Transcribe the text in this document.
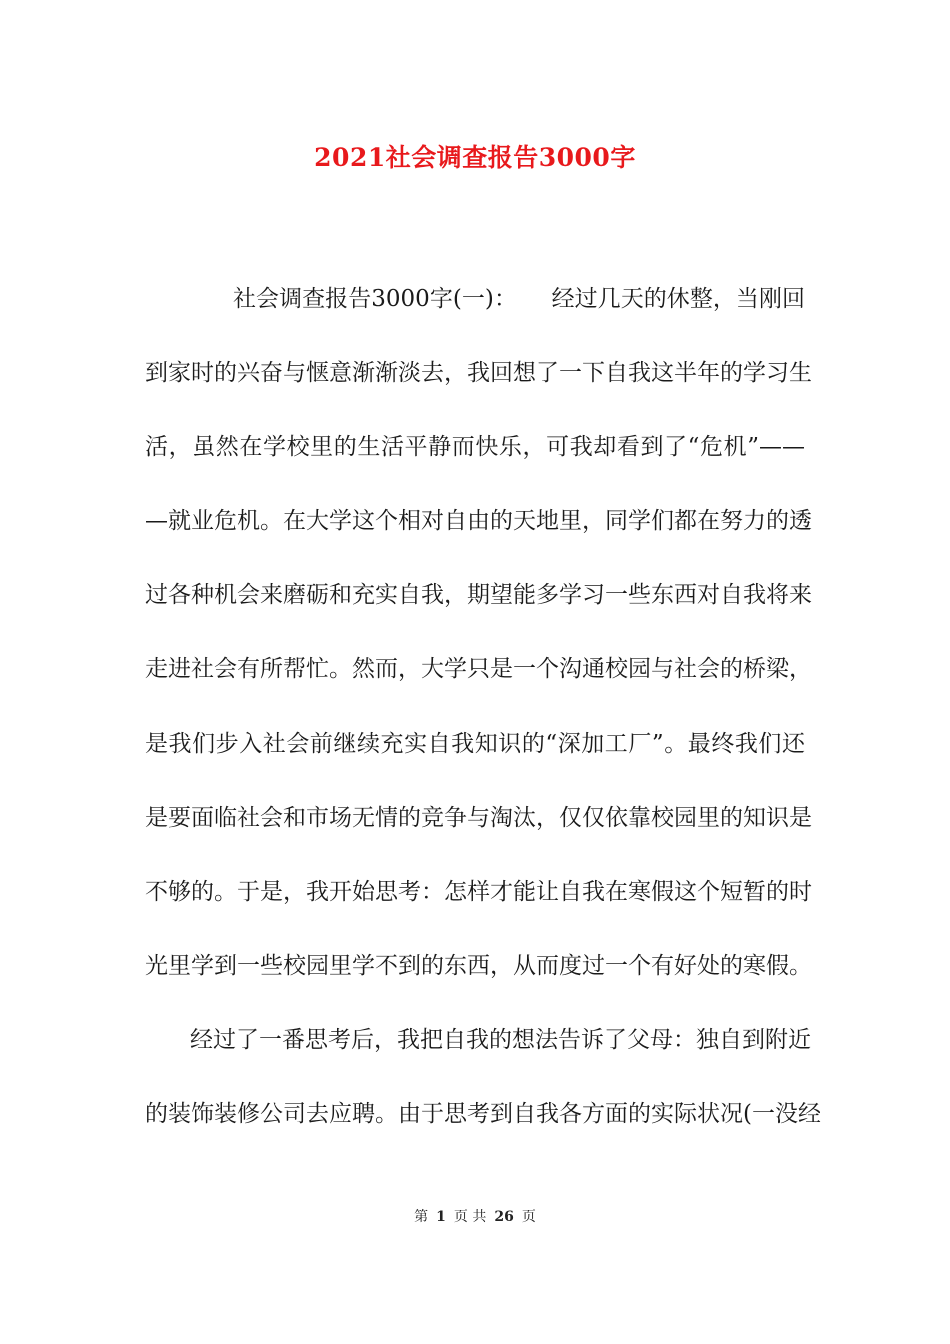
2021社会调查报告3000字
社会调查报告3000字(一)：　　经过几天的休整，当刚回
到家时的兴奋与惬意渐渐淡去，我回想了一下自我这半年的学习生
活，虽然在学校里的生活平静而快乐，可我却看到了“危机”——
—就业危机。在大学这个相对自由的天地里，同学们都在努力的透
过各种机会来磨砺和充实自我，期望能多学习一些东西对自我将来
走进社会有所帮忙。然而，大学只是一个沟通校园与社会的桥梁，
是我们步入社会前继续充实自我知识的“深加工厂”。最终我们还
是要面临社会和市场无情的竞争与淘汰，仅仅依靠校园里的知识是
不够的。于是，我开始思考：怎样才能让自我在寒假这个短暂的时
光里学到一些校园里学不到的东西，从而度过一个有好处的寒假。
经过了一番思考后，我把自我的想法告诉了父母：独自到附近
的装饰装修公司去应聘。由于思考到自我各方面的实际状况(一没经
第 1 页 共 26 页
